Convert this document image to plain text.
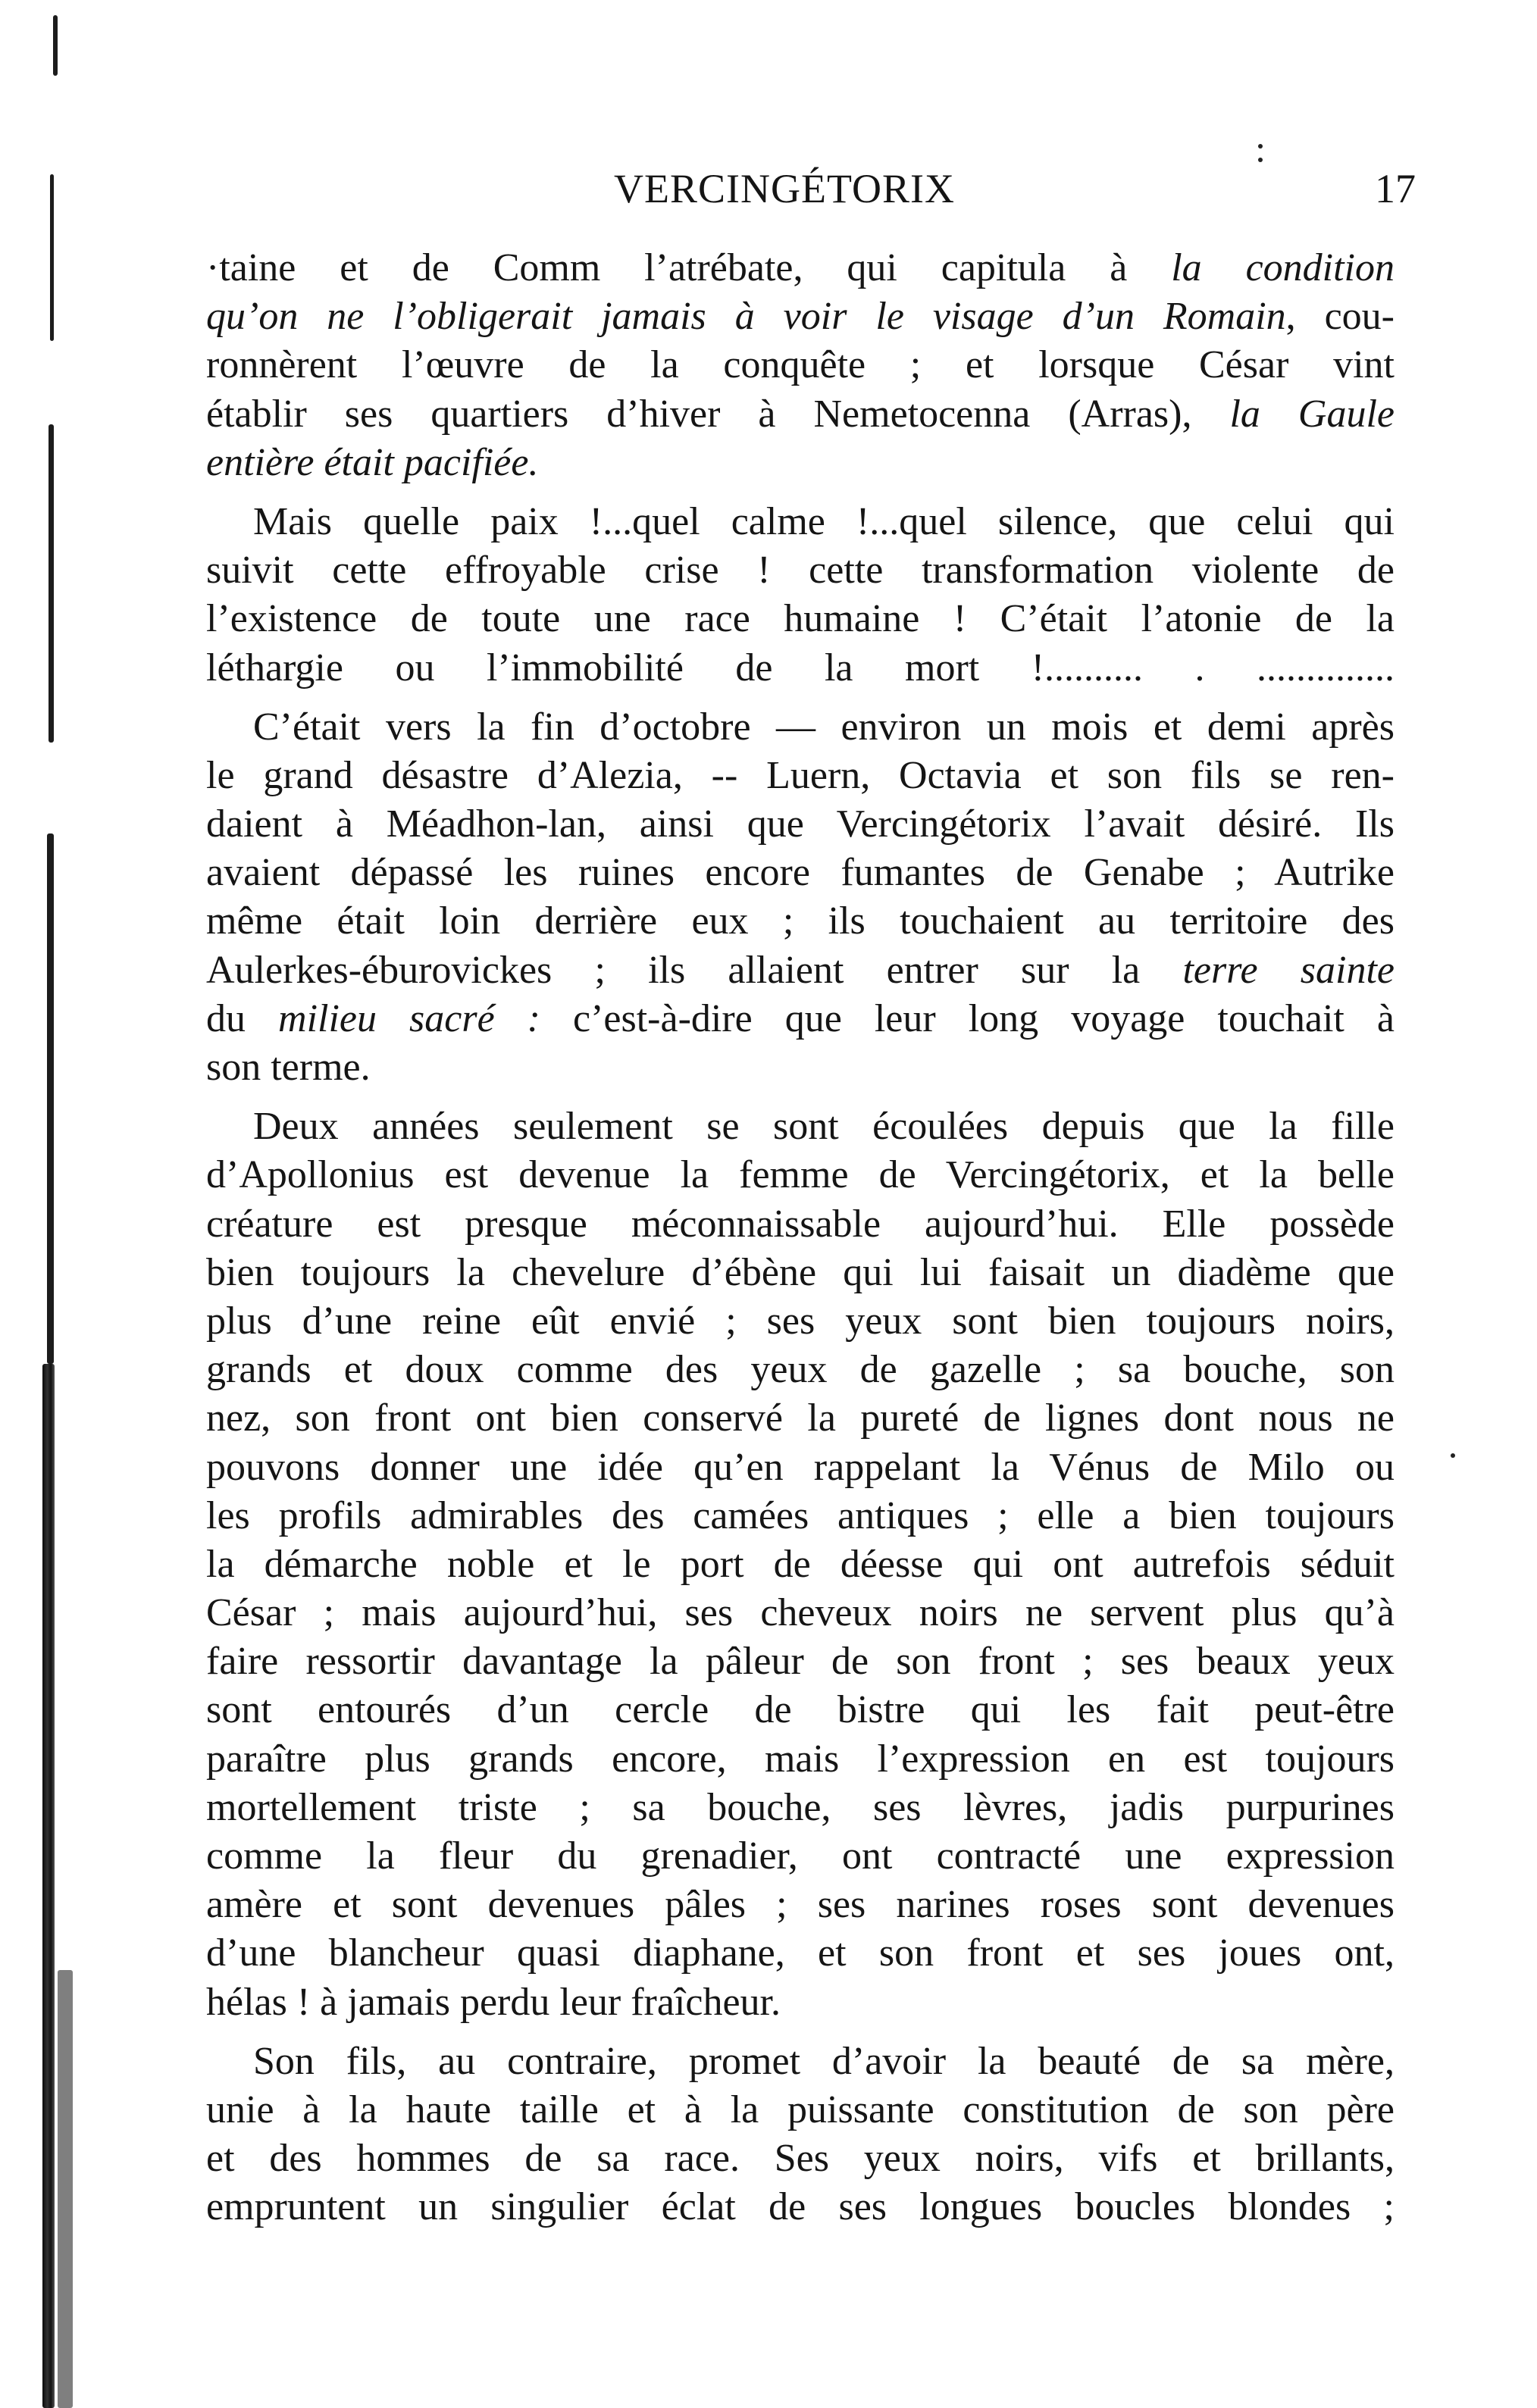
VERCINGÉTORIX	17
·taine et de Comm l’atrébate, qui capitula à la condition
qu’on ne l’obligerait jamais à voir le visage d’un Romain, cou-
ronnèrent l’œuvre de la conquête ; et lorsque César vint
établir ses quartiers d’hiver à Nemetocenna (Arras), la Gaule
entière était pacifiée.
Mais quelle paix !...quel calme !...quel silence, que celui qui
suivit cette effroyable crise ! cette transformation violente de
l’existence de toute une race humaine ! C’était l’atonie de la
léthargie ou l’immobilité de la mort !.......... . ..............
C’était vers la fin d’octobre — environ un mois et demi après
le grand désastre d’Alezia, -- Luern, Octavia et son fils se ren-
daient à Méadhon-lan, ainsi que Vercingétorix l’avait désiré. Ils
avaient dépassé les ruines encore fumantes de Genabe ; Autrike
même était loin derrière eux ; ils touchaient au territoire des
Aulerkes-éburovickes ; ils allaient entrer sur la terre sainte
du milieu sacré : c’est-à-dire que leur long voyage touchait à
son terme.
Deux années seulement se sont écoulées depuis que la fille
d’Apollonius est devenue la femme de Vercingétorix, et la belle
créature est presque méconnaissable aujourd’hui. Elle possède
bien toujours la chevelure d’ébène qui lui faisait un diadème que
plus d’une reine eût envié ; ses yeux sont bien toujours noirs,
grands et doux comme des yeux de gazelle ; sa bouche, son
nez, son front ont bien conservé la pureté de lignes dont nous ne
pouvons donner une idée qu’en rappelant la Vénus de Milo ou
les profils admirables des camées antiques ; elle a bien toujours
la démarche noble et le port de déesse qui ont autrefois séduit
César ; mais aujourd’hui, ses cheveux noirs ne servent plus qu’à
faire ressortir davantage la pâleur de son front ; ses beaux yeux
sont entourés d’un cercle de bistre qui les fait peut-être
paraître plus grands encore, mais l’expression en est toujours
mortellement triste ; sa bouche, ses lèvres, jadis purpurines
comme la fleur du grenadier, ont contracté une expression
amère et sont devenues pâles ; ses narines roses sont devenues
d’une blancheur quasi diaphane, et son front et ses joues ont,
hélas ! à jamais perdu leur fraîcheur.
Son fils, au contraire, promet d’avoir la beauté de sa mère,
unie à la haute taille et à la puissante constitution de son père
et des hommes de sa race. Ses yeux noirs, vifs et brillants,
empruntent un singulier éclat de ses longues boucles blondes ;
